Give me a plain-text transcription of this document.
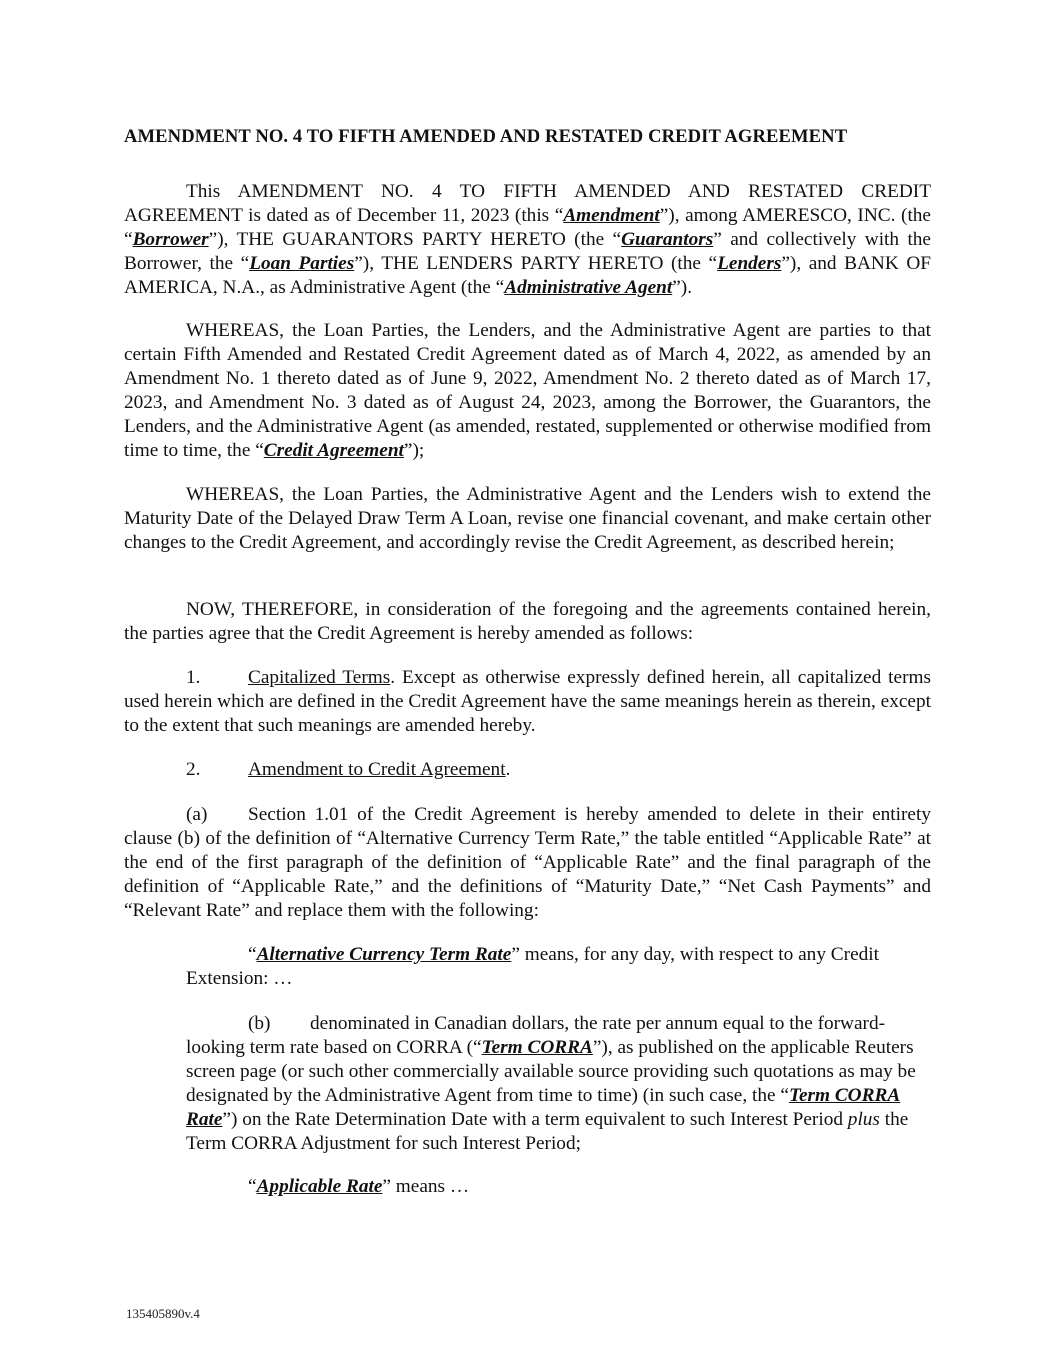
AMENDMENT NO. 4 TO FIFTH AMENDED AND RESTATED CREDIT AGREEMENT
This AMENDMENT NO. 4 TO FIFTH AMENDED AND RESTATED CREDIT AGREEMENT is dated as of December 11, 2023 (this “Amendment”), among AMERESCO, INC. (the “Borrower”), THE GUARANTORS PARTY HERETO (the “Guarantors” and collectively with the Borrower, the “Loan Parties”), THE LENDERS PARTY HERETO (the “Lenders”), and BANK OF AMERICA, N.A., as Administrative Agent (the “Administrative Agent”).
WHEREAS, the Loan Parties, the Lenders, and the Administrative Agent are parties to that certain Fifth Amended and Restated Credit Agreement dated as of March 4, 2022, as amended by an Amendment No. 1 thereto dated as of June 9, 2022, Amendment No. 2 thereto dated as of March 17, 2023, and Amendment No. 3 dated as of August 24, 2023, among the Borrower, the Guarantors, the Lenders, and the Administrative Agent (as amended, restated, supplemented or otherwise modified from time to time, the “Credit Agreement”);
WHEREAS, the Loan Parties, the Administrative Agent and the Lenders wish to extend the Maturity Date of the Delayed Draw Term A Loan, revise one financial covenant, and make certain other changes to the Credit Agreement, and accordingly revise the Credit Agreement, as described herein;
NOW, THEREFORE, in consideration of the foregoing and the agreements contained herein, the parties agree that the Credit Agreement is hereby amended as follows:
1. Capitalized Terms. Except as otherwise expressly defined herein, all capitalized terms used herein which are defined in the Credit Agreement have the same meanings herein as therein, except to the extent that such meanings are amended hereby.
2. Amendment to Credit Agreement.
(a) Section 1.01 of the Credit Agreement is hereby amended to delete in their entirety clause (b) of the definition of “Alternative Currency Term Rate,” the table entitled “Applicable Rate” at the end of the first paragraph of the definition of “Applicable Rate” and the final paragraph of the definition of “Applicable Rate,” and the definitions of “Maturity Date,” “Net Cash Payments” and “Relevant Rate” and replace them with the following:
“Alternative Currency Term Rate” means, for any day, with respect to any Credit Extension: …
(b) denominated in Canadian dollars, the rate per annum equal to the forward-looking term rate based on CORRA (“Term CORRA”), as published on the applicable Reuters screen page (or such other commercially available source providing such quotations as may be designated by the Administrative Agent from time to time) (in such case, the “Term CORRA Rate”) on the Rate Determination Date with a term equivalent to such Interest Period plus the Term CORRA Adjustment for such Interest Period;
“Applicable Rate” means …
135405890v.4
